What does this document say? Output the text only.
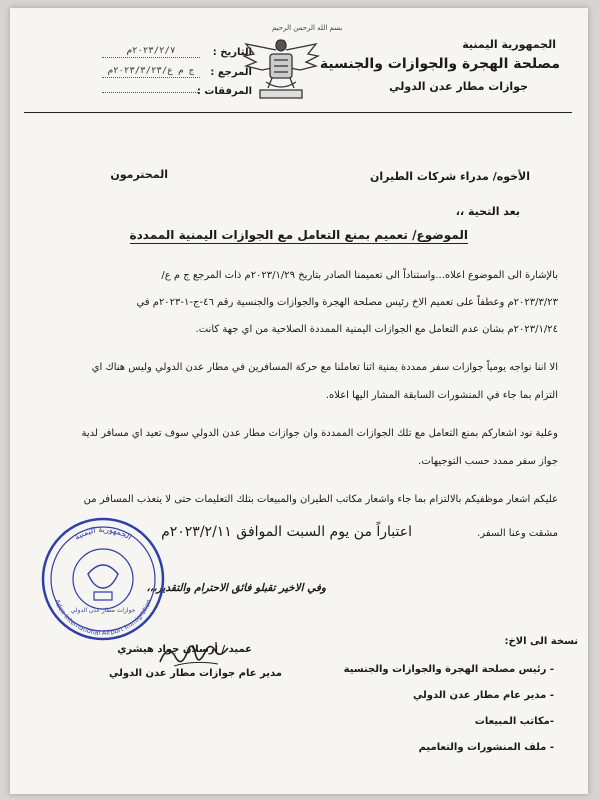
بسم الله الرحمن الرحيم
الجمهورية اليمنية
مصلحة الهجرة والجوازات والجنسية
جوازات مطار عدن الدولي
التاريخ :
٢٠٢٣/٢/٧م
المرجع :
ج م ع/٢٠٢٣/٣/٢٣م
المرفقات :
الأخوه/ مدراء شركات الطيران
المحترمون
بعد التحية ،،
الموضوع/ تعميم بمنع التعامل مع الجوازات اليمنية الممددة
بالإشارة الى الموضوع اعلاه...واستناداً الى تعميمنا الصادر بتاريخ ٢٠٢٣/١/٢٩م ذات المرجع ج م ع/
٢٠٢٣/٣/٢٣م وعطفاً على تعميم الاخ رئيس مصلحة الهجرة والجوازات والجنسية رقم ٤٦-ج-١-٢٠٢٣م في
٢٠٢٣/١/٢٤م بشان عدم التعامل مع الجوازات اليمنية الممددة الصلاحية من اي جهة كانت.
الا اننا نواجه يومياً جوازات سفر ممددة يمنية اثنا تعاملنا مع حركة المسافرين في مطار عدن الدولي وليس هناك اي
التزام بما جاء في المنشورات السابقة المشار اليها اعلاه.
وعلية نود اشعاركم بمنع التعامل مع تلك الجوازات الممددة وان جوازات مطار عدن الدولي سوف تعيد اي مسافر لدية
جواز سفر ممدد حسب التوجيهات.
عليكم اشعار موظفيكم بالالتزام بما جاء واشعار مكاتب الطيران والمبيعات بتلك التعليمات حتى لا يتعذب المسافر من
مشقت وعنا السفر.
اعتباراً من يوم السبت الموافق ٢٠٢٣/٢/١١م
وفي الاخير تقبلو فائق الاحترام والتقدير،،،
عميد / أرسلان جواد هيشري
مدير عام جوازات مطار عدن الدولي
الجمهورية اليمنية
Aden International Airport Immigration
جوازات مطار عدن الدولي
نسخة الى الاخ:
- رئيس مصلحة الهجرة والجوازات والجنسية
- مدير عام مطار عدن الدولي
-مكاتب المبيعات
- ملف المنشورات والتعاميم
